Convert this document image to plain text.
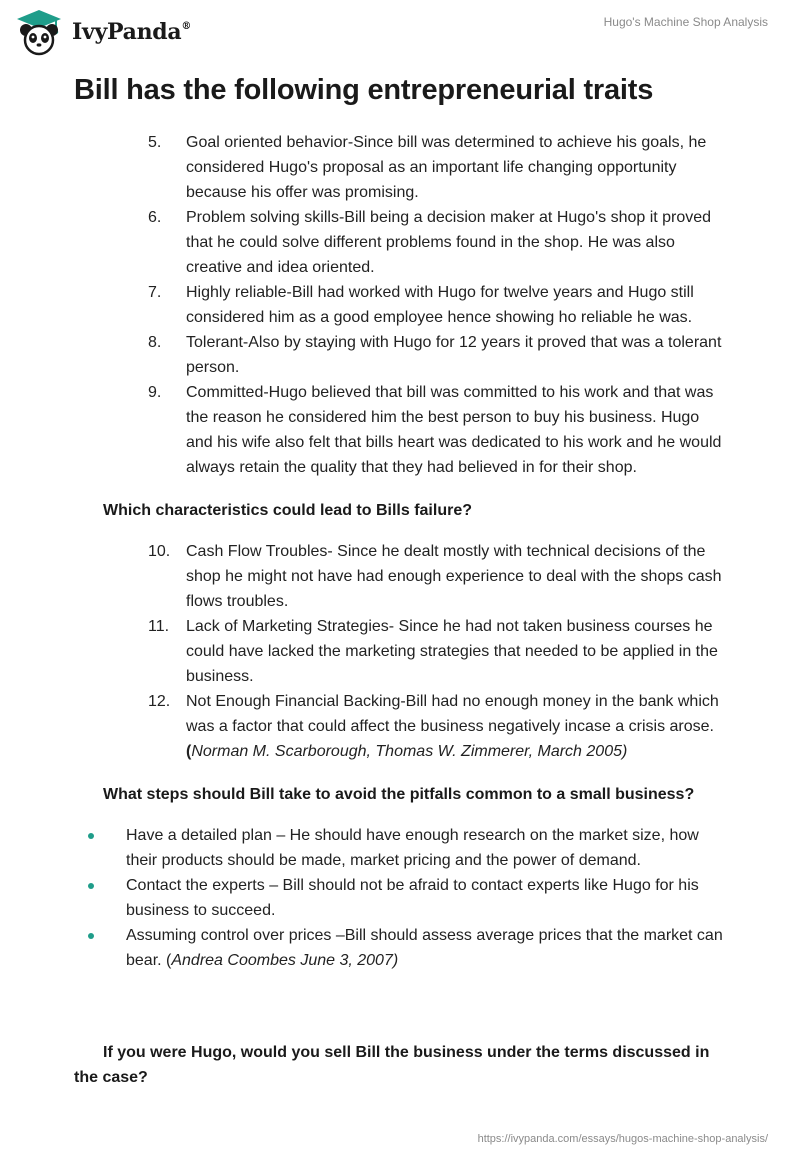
IvyPanda®	Hugo's Machine Shop Analysis
Bill has the following entrepreneurial traits
5.	Goal oriented behavior-Since bill was determined to achieve his goals, he considered Hugo's proposal as an important life changing opportunity because his offer was promising.
6.	Problem solving skills-Bill being a decision maker at Hugo's shop it proved that he could solve different problems found in the shop. He was also creative and idea oriented.
7.	Highly reliable-Bill had worked with Hugo for twelve years and Hugo still considered him as a good employee hence showing ho reliable he was.
8.	Tolerant-Also by staying with Hugo for 12 years it proved that was a tolerant person.
9.	Committed-Hugo believed that bill was committed to his work and that was the reason he considered him the best person to buy his business. Hugo and his wife also felt that bills heart was dedicated to his work and he would always retain the quality that they had believed in for their shop.
Which characteristics could lead to Bills failure?
10. Cash Flow Troubles- Since he dealt mostly with technical decisions of the shop he might not have had enough experience to deal with the shops cash flows troubles.
11.	Lack of Marketing Strategies- Since he had not taken business courses he could have lacked the marketing strategies that needed to be applied in the business.
12. Not Enough Financial Backing-Bill had no enough money in the bank which was a factor that could affect the business negatively incase a crisis arose. (Norman M. Scarborough, Thomas W. Zimmerer, March 2005)
What steps should Bill take to avoid the pitfalls common to a small business?
Have a detailed plan – He should have enough research on the market size, how their products should be made, market pricing and the power of demand.
Contact the experts – Bill should not be afraid to contact experts like Hugo for his business to succeed.
Assuming control over prices –Bill should assess average prices that the market can bear. (Andrea Coombes June 3, 2007)
If you were Hugo, would you sell Bill the business under the terms discussed in the case?
https://ivypanda.com/essays/hugos-machine-shop-analysis/
